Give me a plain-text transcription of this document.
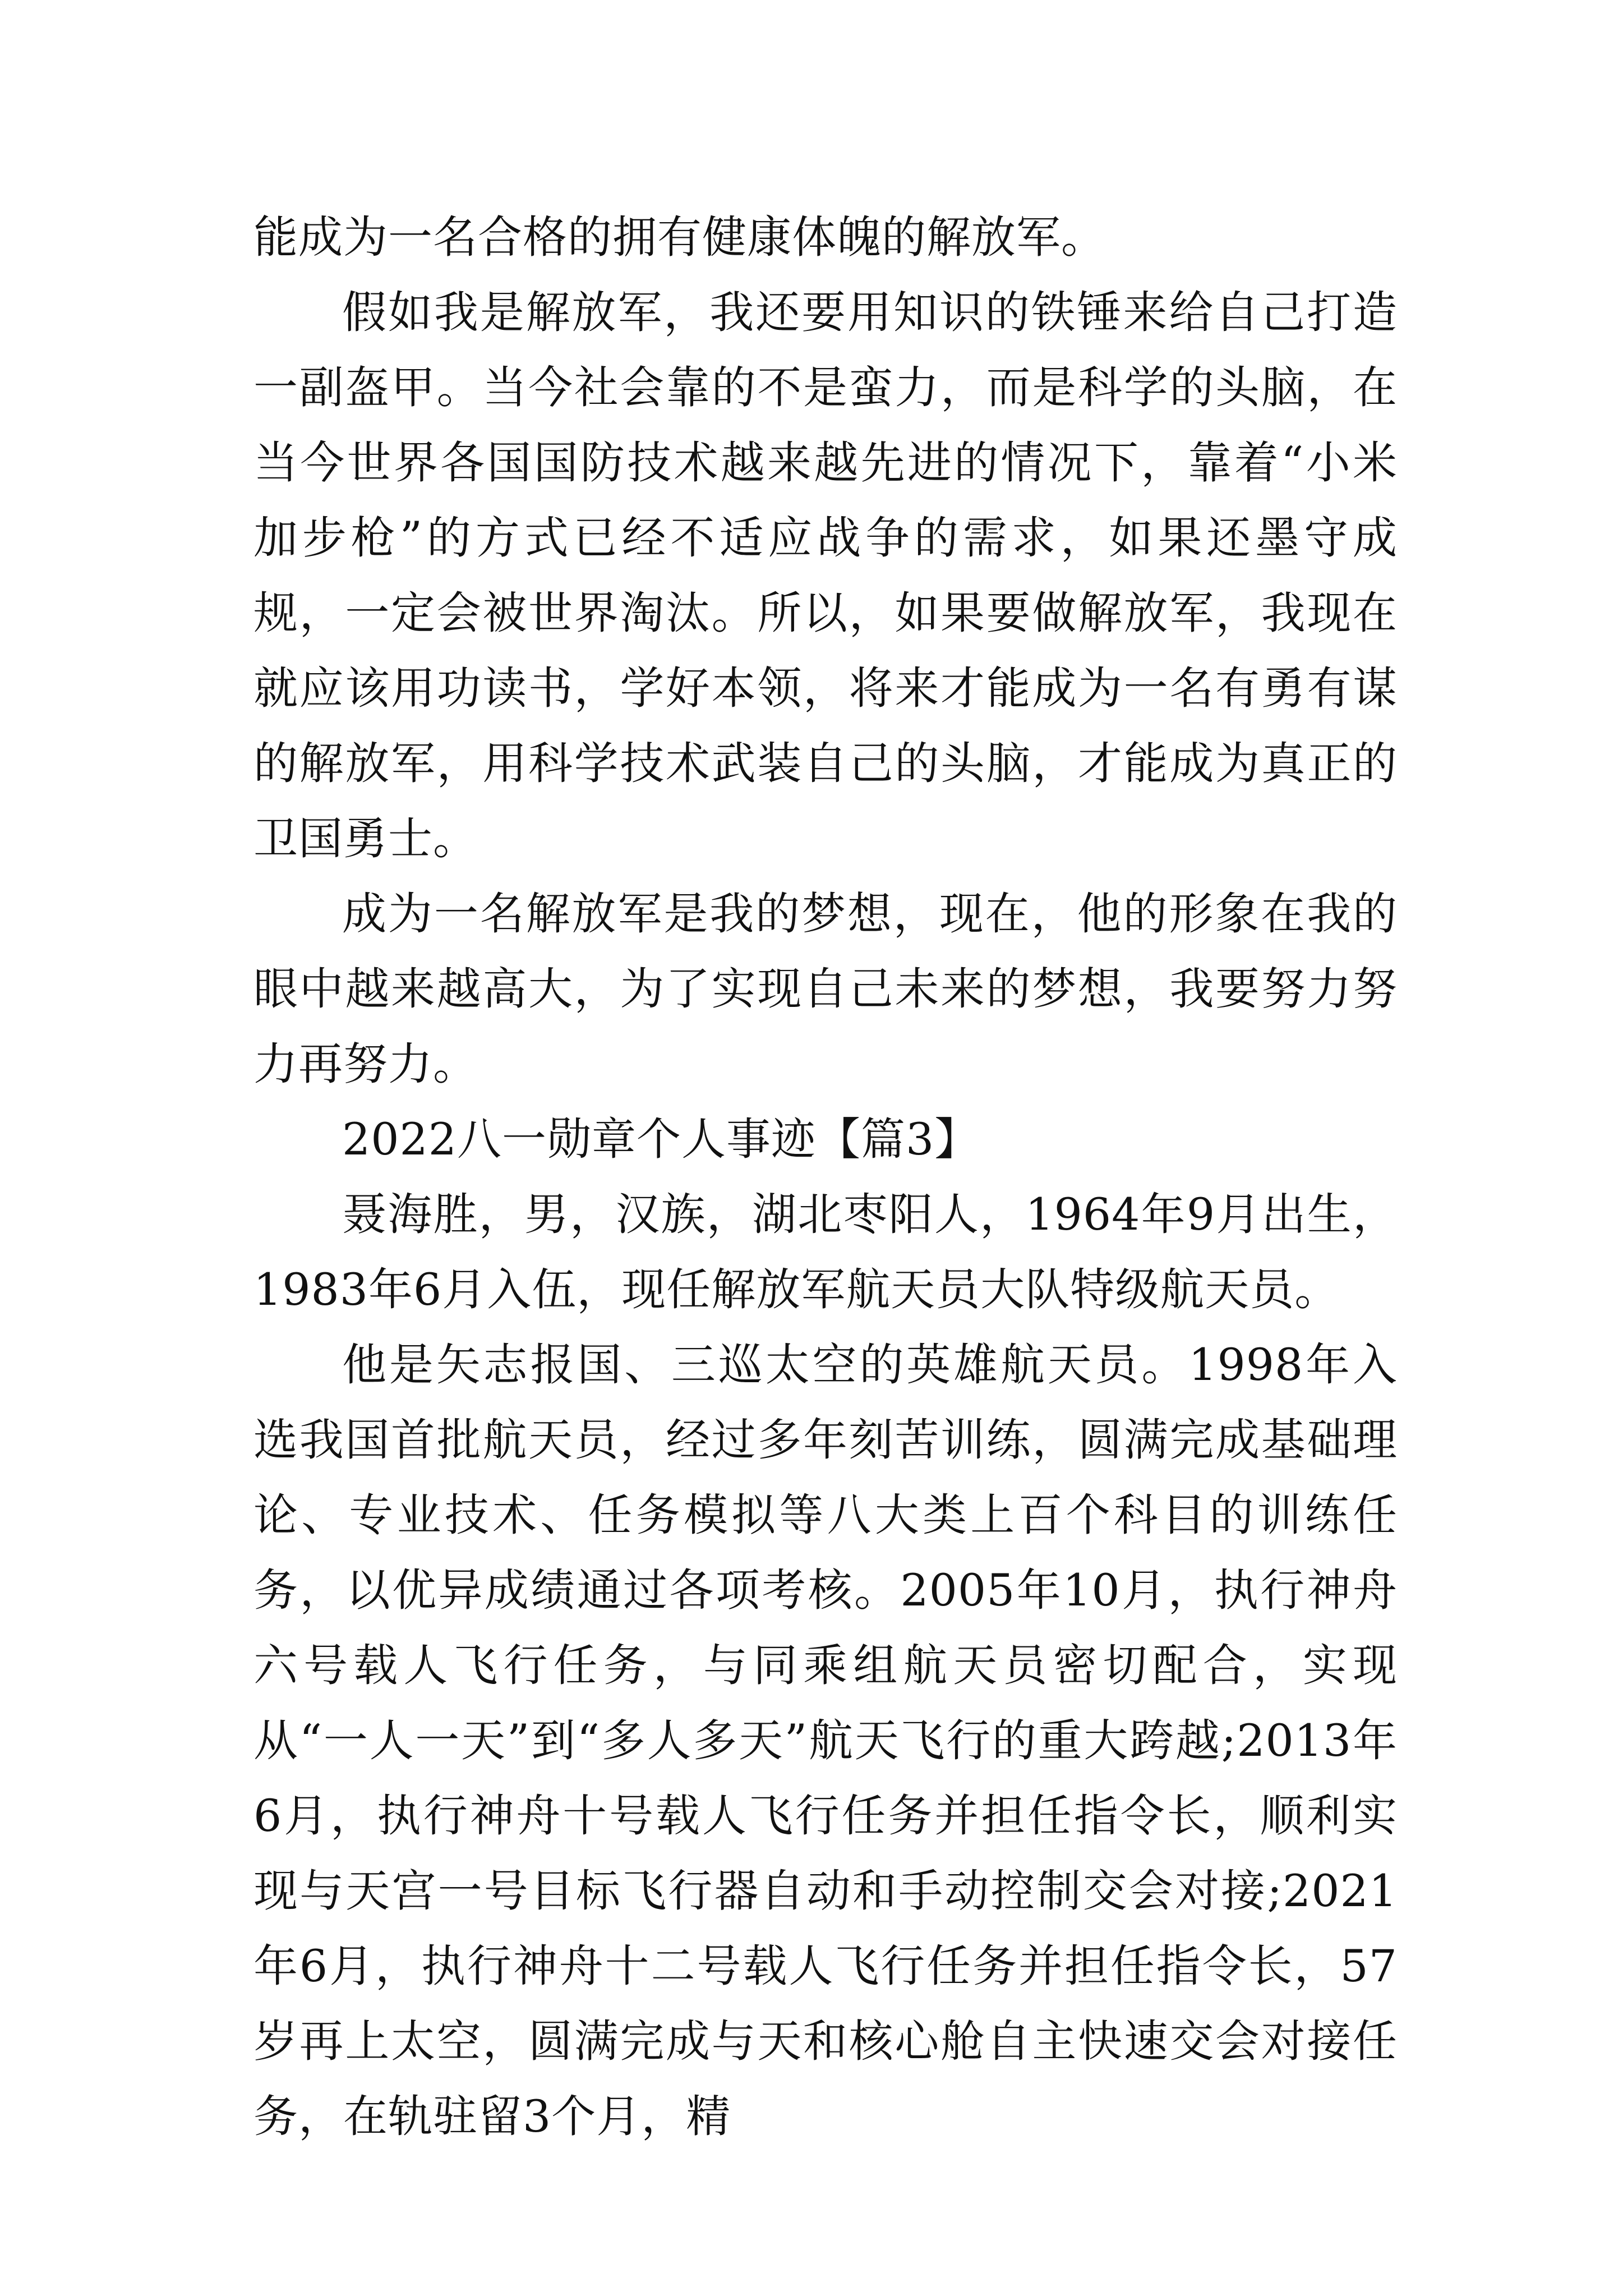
能成为一名合格的拥有健康体魄的解放军。

假如我是解放军，我还要用知识的铁锤来给自己打造一副盔甲。当今社会靠的不是蛮力，而是科学的头脑，在当今世界各国国防技术越来越先进的情况下，靠着“小米加步枪”的方式已经不适应战争的需求，如果还墨守成规，一定会被世界淘汰。所以，如果要做解放军，我现在就应该用功读书，学好本领，将来才能成为一名有勇有谋的解放军，用科学技术武装自己的头脑，才能成为真正的卫国勇士。

成为一名解放军是我的梦想，现在，他的形象在我的眼中越来越高大，为了实现自己未来的梦想，我要努力努力再努力。

2022八一勋章个人事迹【篇3】

聂海胜，男，汉族，湖北枣阳人，1964年9月出生，1983年6月入伍，现任解放军航天员大队特级航天员。

他是矢志报国、三巡太空的英雄航天员。1998年入选我国首批航天员，经过多年刻苦训练，圆满完成基础理论、专业技术、任务模拟等八大类上百个科目的训练任务，以优异成绩通过各项考核。2005年10月，执行神舟六号载人飞行任务，与同乘组航天员密切配合，实现从“一人一天”到“多人多天”航天飞行的重大跨越;2013年6月，执行神舟十号载人飞行任务并担任指令长，顺利实现与天宫一号目标飞行器自动和手动控制交会对接;2021年6月，执行神舟十二号载人飞行任务并担任指令长，57岁再上太空，圆满完成与天和核心舱自主快速交会对接任务，在轨驻留3个月，精
